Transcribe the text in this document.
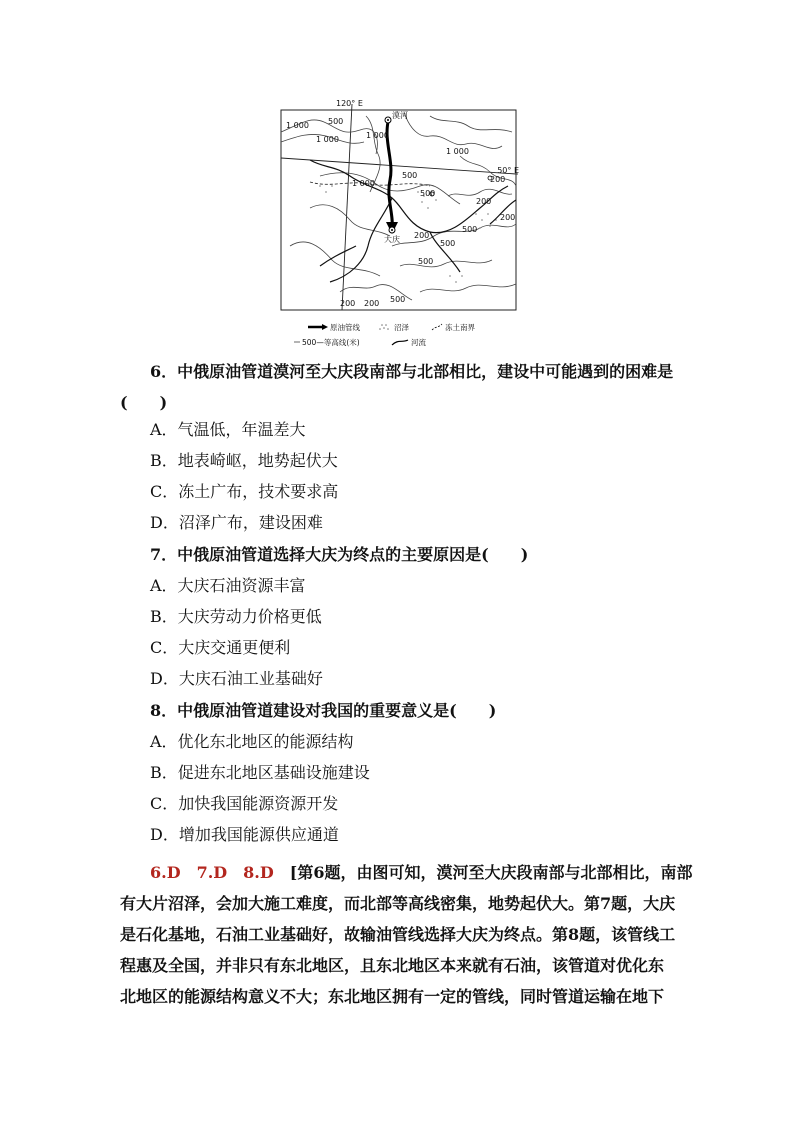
120° E
50° E
漠河
大庆
1 000 500
1 000	1 000
1 000
1 000
500
500
200
200
200
500
500
500
200 200 500
200
原油管线	沼泽	冻土南界
500—等高线(米)	河流
6．中俄原油管道漠河至大庆段南部与北部相比，建设中可能遇到的困难是
(　　)
A．气温低，年温差大
B．地表崎岖，地势起伏大
C．冻土广布，技术要求高
D．沼泽广布，建设困难
7．中俄原油管道选择大庆为终点的主要原因是(　　)
A．大庆石油资源丰富
B．大庆劳动力价格更低
C．大庆交通更便利
D．大庆石油工业基础好
8．中俄原油管道建设对我国的重要意义是(　　)
A．优化东北地区的能源结构
B．促进东北地区基础设施建设
C．加快我国能源资源开发
D．增加我国能源供应通道

6.D　7.D　8.D　[第6题，由图可知，漠河至大庆段南部与北部相比，南部

有大片沼泽，会加大施工难度，而北部等高线密集，地势起伏大。第7题，大庆

是石化基地，石油工业基础好，故输油管线选择大庆为终点。第8题，该管线工

程惠及全国，并非只有东北地区，且东北地区本来就有石油，该管道对优化东

北地区的能源结构意义不大；东北地区拥有一定的管线，同时管道运输在地下
